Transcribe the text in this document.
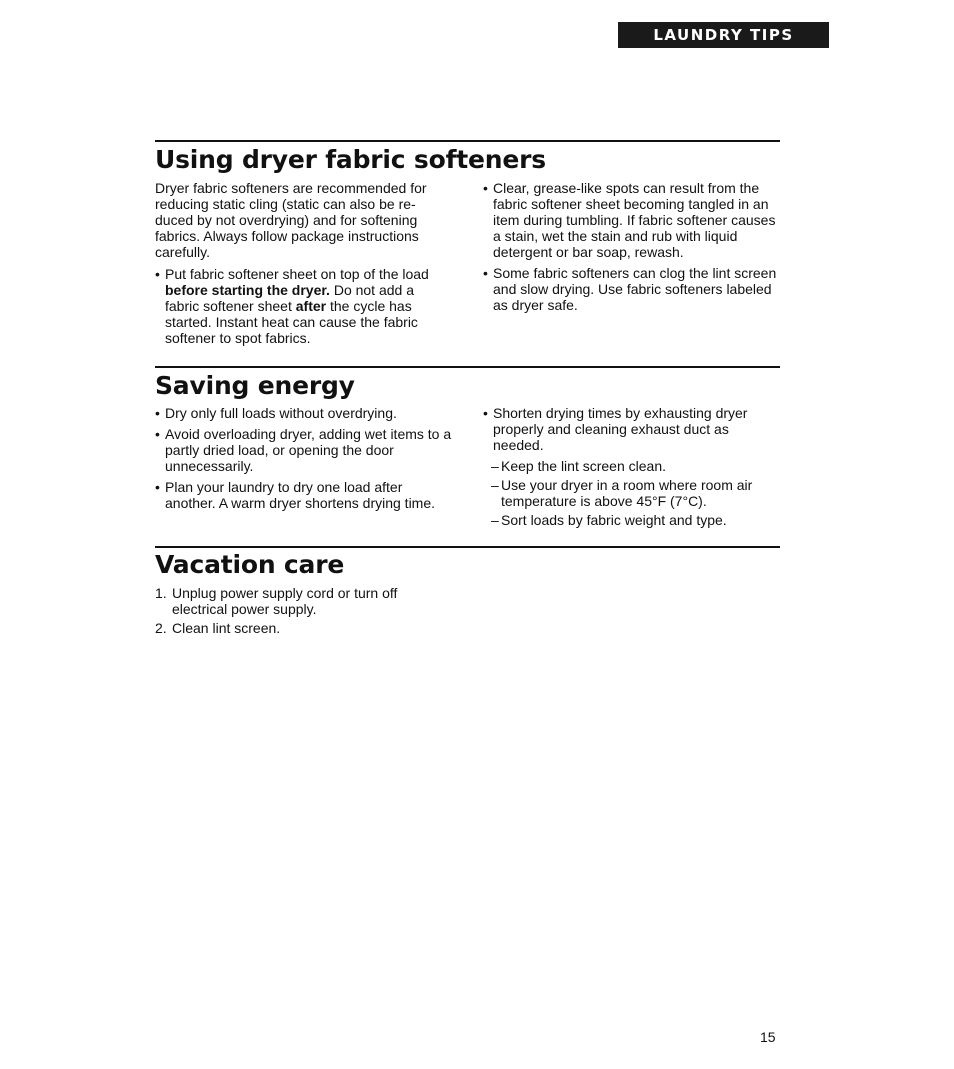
LAUNDRY TIPS
Using dryer fabric softeners

Dryer fabric softeners are recommended for reducing static cling (static can also be re-duced by not overdrying) and for softening fabrics. Always follow package instructions carefully.

• Put fabric softener sheet on top of the load before starting the dryer. Do not add a fabric softener sheet after the cycle has started. Instant heat can cause the fabric softener to spot fabrics.
• Clear, grease-like spots can result from the fabric softener sheet becoming tangled in an item during tumbling. If fabric softener causes a stain, wet the stain and rub with liquid detergent or bar soap, rewash.
• Some fabric softeners can clog the lint screen and slow drying. Use fabric softeners labeled as dryer safe.
Saving energy
• Dry only full loads without overdrying.
• Avoid overloading dryer, adding wet items to a partly dried load, or opening the door unnecessarily.
• Plan your laundry to dry one load after another. A warm dryer shortens drying time.
• Shorten drying times by exhausting dryer properly and cleaning exhaust duct as needed.
– Keep the lint screen clean.
– Use your dryer in a room where room air temperature is above 45°F (7°C).
– Sort loads by fabric weight and type.
Vacation care
1. Unplug power supply cord or turn off electrical power supply.
2. Clean lint screen.
15
